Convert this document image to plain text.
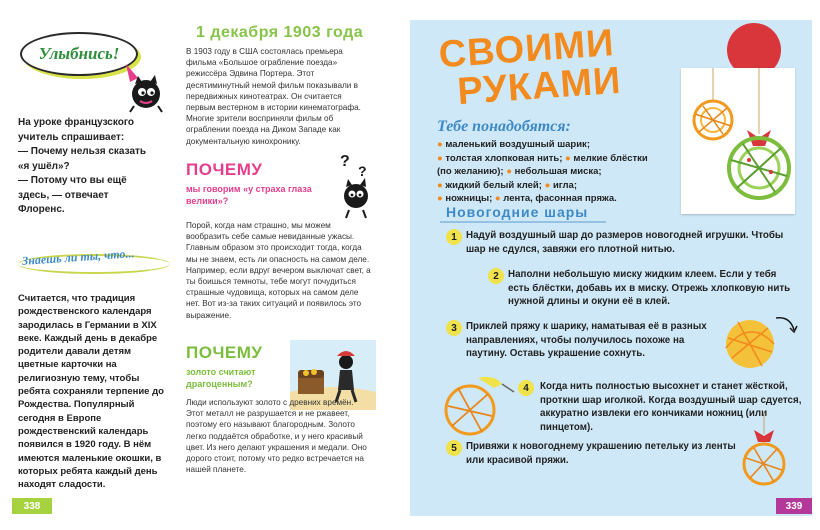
Улыбнись!

На уроке французского учитель спрашивает:

— Почему нельзя сказать «я ушёл»?

— Потому что вы ещё здесь, — отвечает Флоренс.

Знаешь ли ты, что...
Считается, что традиция рождественского календаря зародилась в Германии в XIX веке. Каждый день в декабре родители давали детям цветные карточки на религиозную тему, чтобы ребята сохраняли терпение до Рождества. Популярный сегодня в Европе рождественский календарь появился в 1920 году. В нём имеются маленькие окошки, в которых ребята каждый день находят сладости.
338
1 декабря 1903 года
В 1903 году в США состоялась премьера фильма «Большое ограбление поезда» режиссёра Эдвина Портера. Этот десятиминутный немой фильм показывали в передвижных кинотеатрах. Он считается первым вестерном в истории кинематографа. Многие зрители восприняли фильм об ограблении поезда на Диком Западе как документальную кинохронику.
ПОЧЕМУ
мы говорим «у страха глаза велики»?
?
?
Порой, когда нам страшно, мы можем вообразить себе самые невиданные ужасы. Главным образом это происходит тогда, когда мы не знаем, есть ли опасность на самом деле. Например, если вдруг вечером выключат свет, а ты боишься темноты, тебе могут почудиться страшные чудовища, которых на самом деле нет. Вот из-за таких ситуаций и появилось это выражение.
ПОЧЕМУ
золото считают драгоценным?
Люди используют золото с древних времён. Этот металл не разрушается и не ржавеет, поэтому его называют благородным. Золото легко поддаётся обработке, и у него красивый цвет. Из него делают украшения и медали. Оно дорого стоит, потому что редко встречается на нашей планете.
СВОИМИ
РУКАМИ
Тебе понадобятся:
● маленький воздушный шарик;
● толстая хлопковая нить; ● мелкие блёстки (по желанию); ● небольшая миска;
● жидкий белый клей; ● игла;
● ножницы; ● лента, фасонная пряжа.
Новогодние шары
1 Надуй воздушный шар до размеров новогодней игрушки. Чтобы шар не сдулся, завяжи его плотной нитью.
2 Наполни небольшую миску жидким клеем. Если у тебя есть блёстки, добавь их в миску. Отрежь хлопковую нить нужной длины и окуни её в клей.
3 Приклей пряжу к шарику, наматывая её в разных направлениях, чтобы получилось похоже на паутину. Оставь украшение сохнуть.
4	Когда нить полностью высохнет и станет жёсткой, проткни шар иголкой. Когда воздушный шар сдуется, аккуратно извлеки его кончиками ножниц (или пинцетом).
5 Привяжи к новогоднему украшению петельку из ленты или красивой пряжи.
339
